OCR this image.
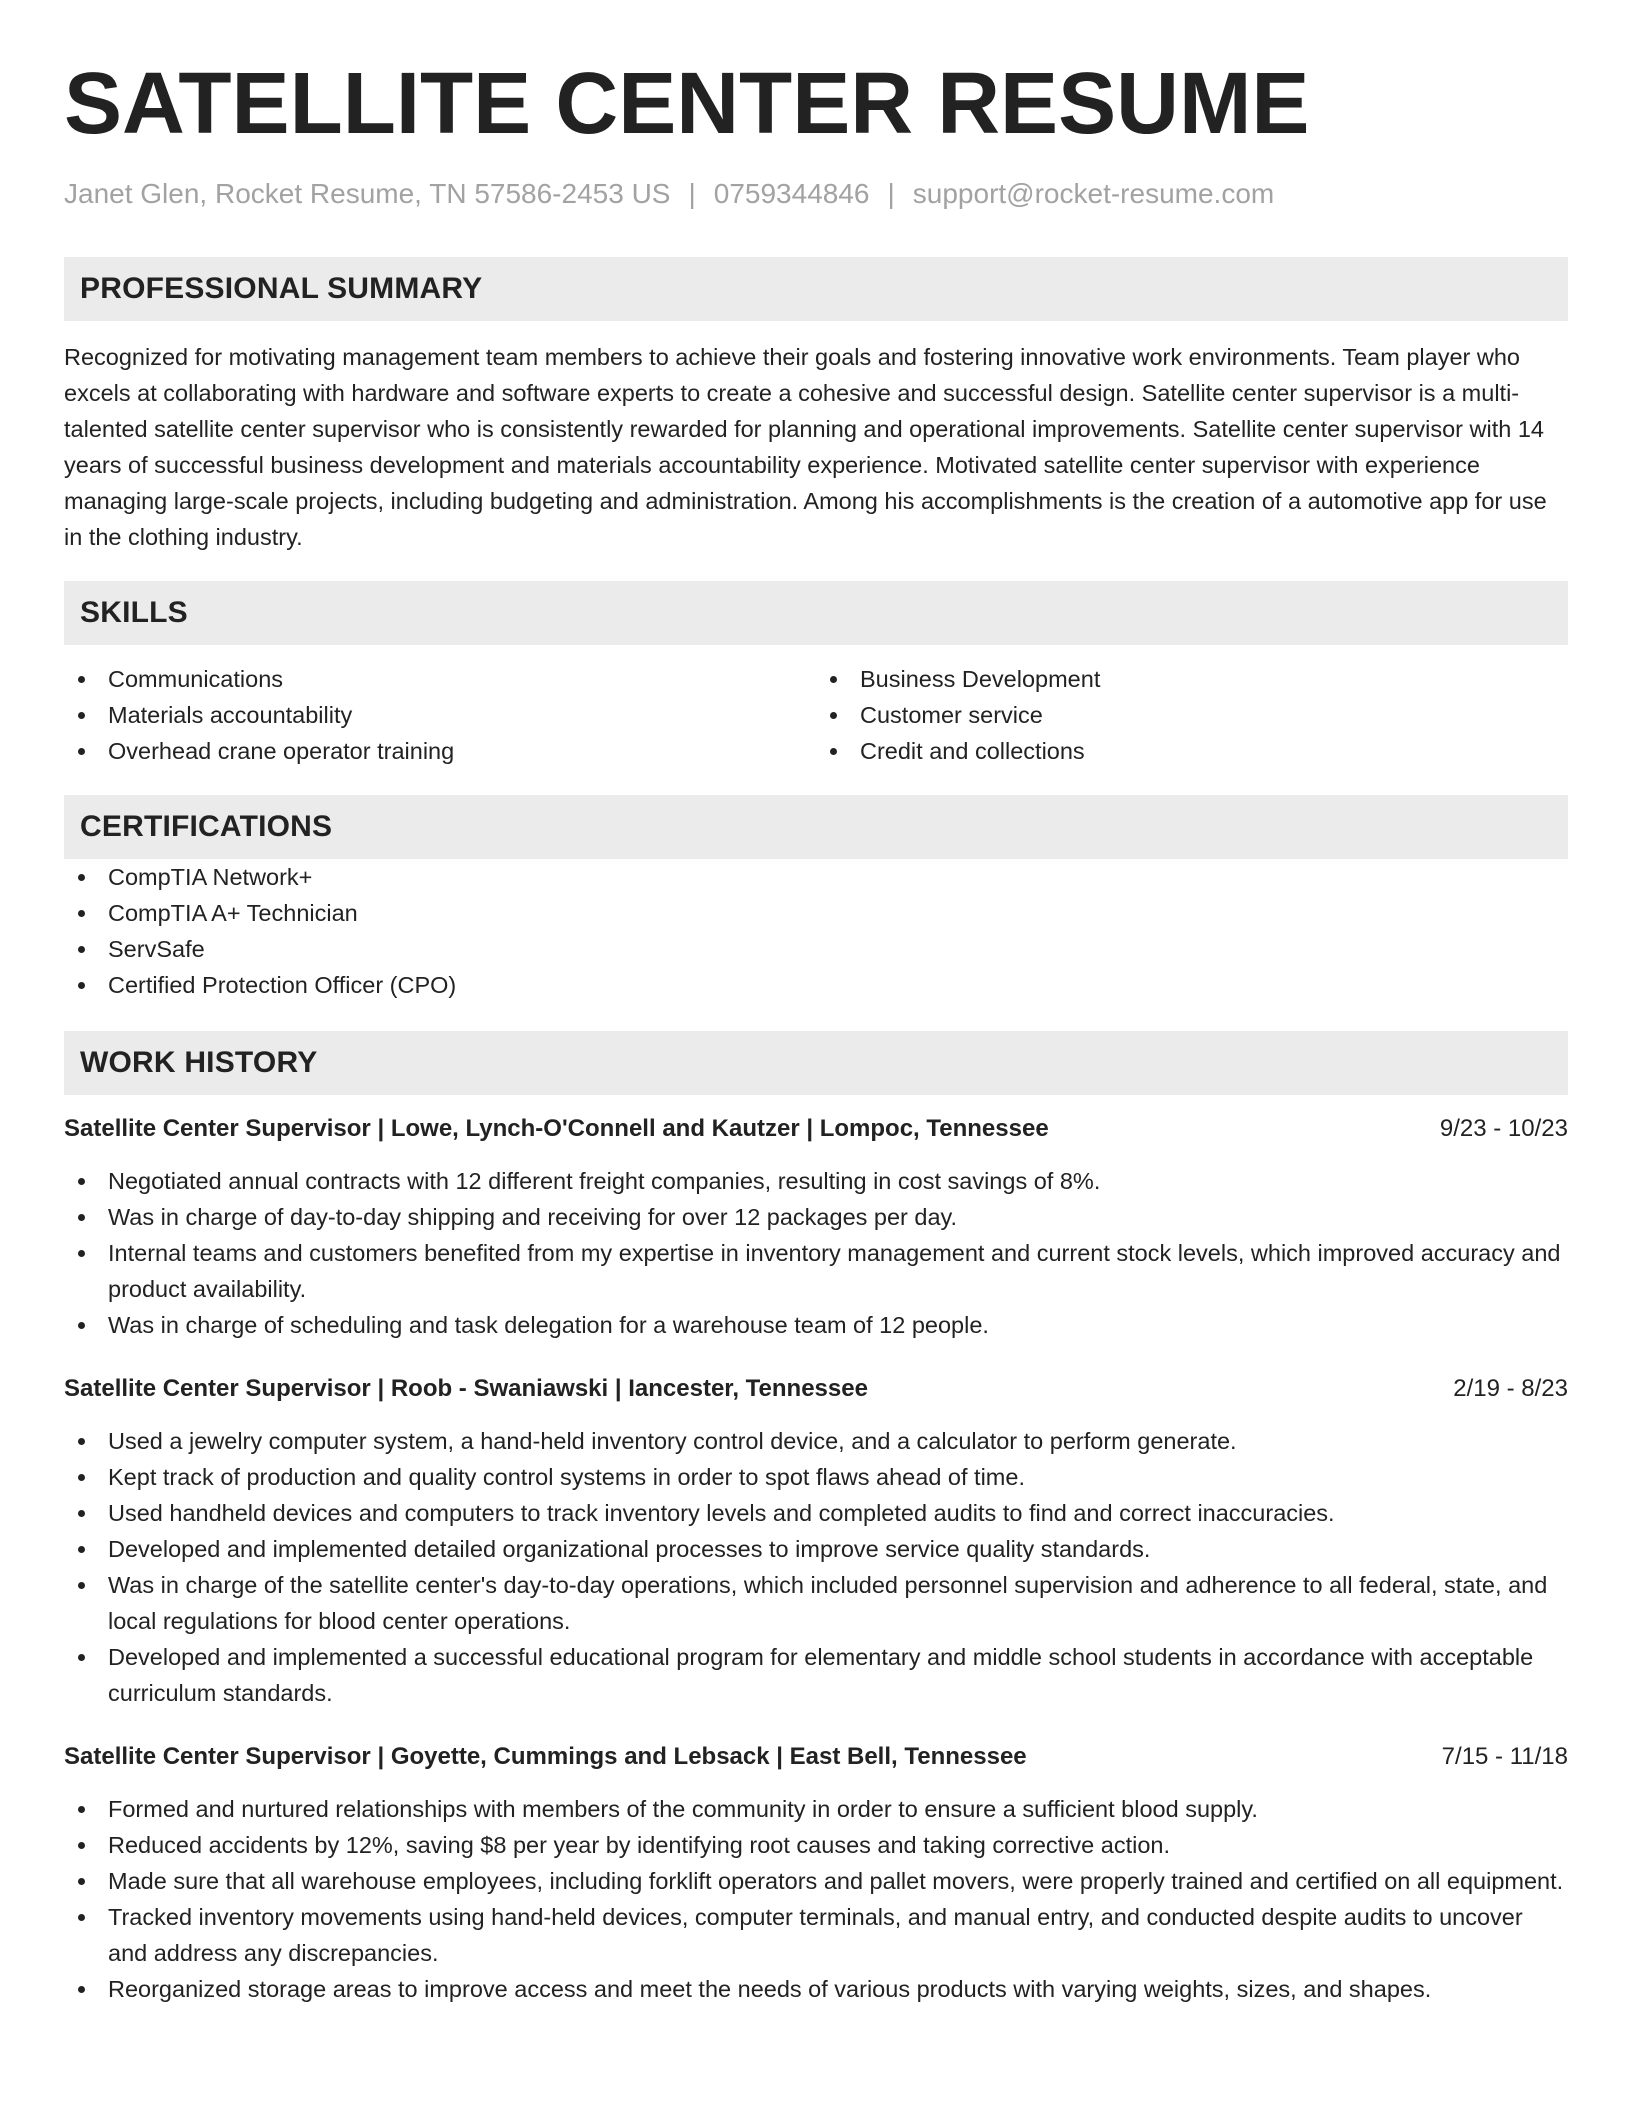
SATELLITE CENTER RESUME
Janet Glen, Rocket Resume, TN 57586-2453 US | 0759344846 | support@rocket-resume.com
PROFESSIONAL SUMMARY

Recognized for motivating management team members to achieve their goals and fostering innovative work environments. Team player who excels at collaborating with hardware and software experts to create a cohesive and successful design. Satellite center supervisor is a multi-talented satellite center supervisor who is consistently rewarded for planning and operational improvements. Satellite center supervisor with 14 years of successful business development and materials accountability experience. Motivated satellite center supervisor with experience managing large-scale projects, including budgeting and administration. Among his accomplishments is the creation of a automotive app for use in the clothing industry.

SKILLS
Communications
Materials accountability
Overhead crane operator training
Business Development
Customer service
Credit and collections
CERTIFICATIONS
CompTIA Network+
CompTIA A+ Technician
ServSafe
Certified Protection Officer (CPO)
WORK HISTORY
Satellite Center Supervisor | Lowe, Lynch-O'Connell and Kautzer | Lompoc, Tennessee	9/23 - 10/23
Negotiated annual contracts with 12 different freight companies, resulting in cost savings of 8%.
Was in charge of day-to-day shipping and receiving for over 12 packages per day.
Internal teams and customers benefited from my expertise in inventory management and current stock levels, which improved accuracy and product availability.
Was in charge of scheduling and task delegation for a warehouse team of 12 people.
Satellite Center Supervisor | Roob - Swaniawski | Iancester, Tennessee	2/19 - 8/23
Used a jewelry computer system, a hand-held inventory control device, and a calculator to perform generate.
Kept track of production and quality control systems in order to spot flaws ahead of time.
Used handheld devices and computers to track inventory levels and completed audits to find and correct inaccuracies.
Developed and implemented detailed organizational processes to improve service quality standards.
Was in charge of the satellite center's day-to-day operations, which included personnel supervision and adherence to all federal, state, and local regulations for blood center operations.
Developed and implemented a successful educational program for elementary and middle school students in accordance with acceptable curriculum standards.
Satellite Center Supervisor | Goyette, Cummings and Lebsack | East Bell, Tennessee	7/15 - 11/18
Formed and nurtured relationships with members of the community in order to ensure a sufficient blood supply.
Reduced accidents by 12%, saving $8 per year by identifying root causes and taking corrective action.
Made sure that all warehouse employees, including forklift operators and pallet movers, were properly trained and certified on all equipment.
Tracked inventory movements using hand-held devices, computer terminals, and manual entry, and conducted despite audits to uncover and address any discrepancies.
Reorganized storage areas to improve access and meet the needs of various products with varying weights, sizes, and shapes.
